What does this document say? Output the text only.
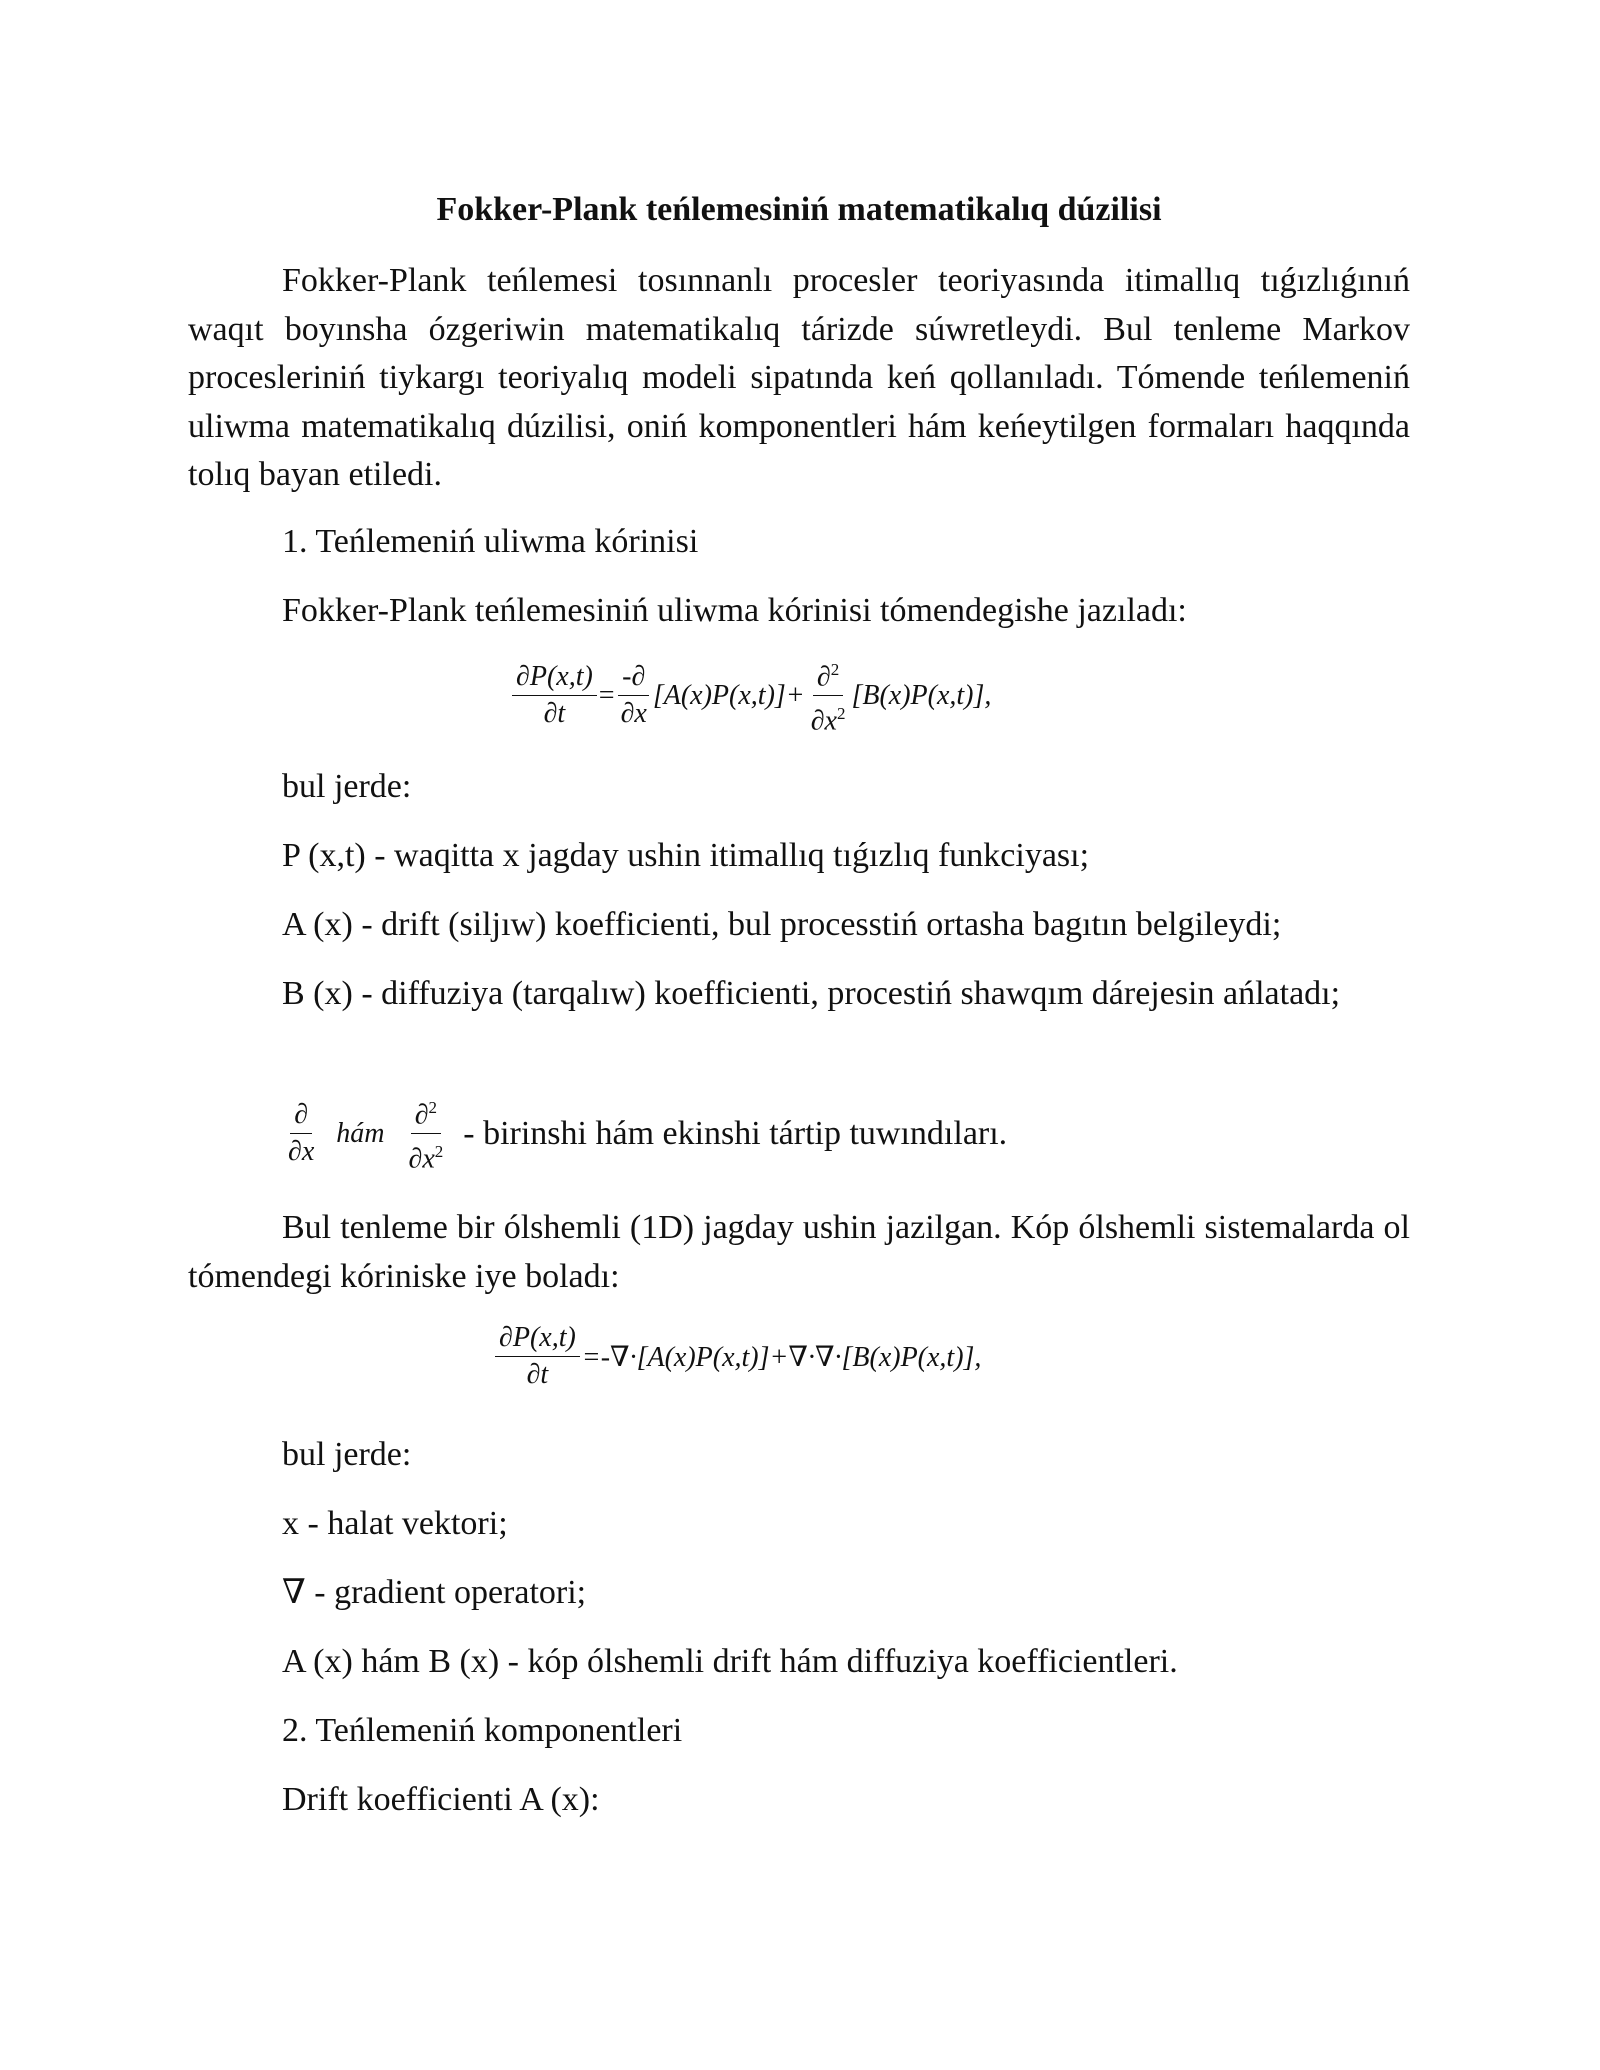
Fokker-Plank teńlemesiniń matematikalıq dúzilisi

Fokker-Plank teńlemesi tosınnanlı procesler teoriyasında itimallıq tıǵızlıǵınıń waqıt boyınsha ózgeriwin matematikalıq tárizde súwretleydi. Bul tenleme Markov procesleriniń tiykargı teoriyalıq modeli sipatında keń qollanıladı. Tómende teńlemeniń uliwma matematikalıq dúzilisi, oniń komponentleri hám keńeytilgen formaları haqqında tolıq bayan etiledi.

1. Teńlemeniń uliwma kórinisi

Fokker-Plank teńlemesiniń uliwma kórinisi tómendegishe jazıladı:

$\frac{\partial P(x,t)}{\partial t} = \frac{-\partial}{\partial x} [A(x)P(x,t)]+ \frac{\partial^2}{\partial x^2} [B(x)P(x,t)]$,

bul jerde:

P (x,t) - waqitta x jagday ushin itimallıq tıǵızlıq funkciyası;

A (x) - drift (siljıw) koefficienti, bul processtiń ortasha bagıtın belgileydi;

B (x) - diffuziya (tarqalıw) koefficienti, procestiń shawqım dárejesin ańlatadı;

$\frac{\partial}{\partial x}$ hám $\frac{\partial^2}{\partial x^2}$ - birinshi hám ekinshi tártip tuwındıları.

Bul tenleme bir ólshemli (1D) jagday ushin jazilgan. Kóp ólshemli sistemalarda ol tómendegi kóriniske iye boladı:

$\frac{\partial P(x,t)}{\partial t} =-\nabla\cdot[A(x)P(x,t)]+\nabla\cdot\nabla\cdot[B(x)P(x,t)]$,

bul jerde:

x - halat vektori;

∇ - gradient operatori;

A (x) hám B (x) - kóp ólshemli drift hám diffuziya koefficientleri.

2. Teńlemeniń komponentleri

Drift koefficienti A (x):
